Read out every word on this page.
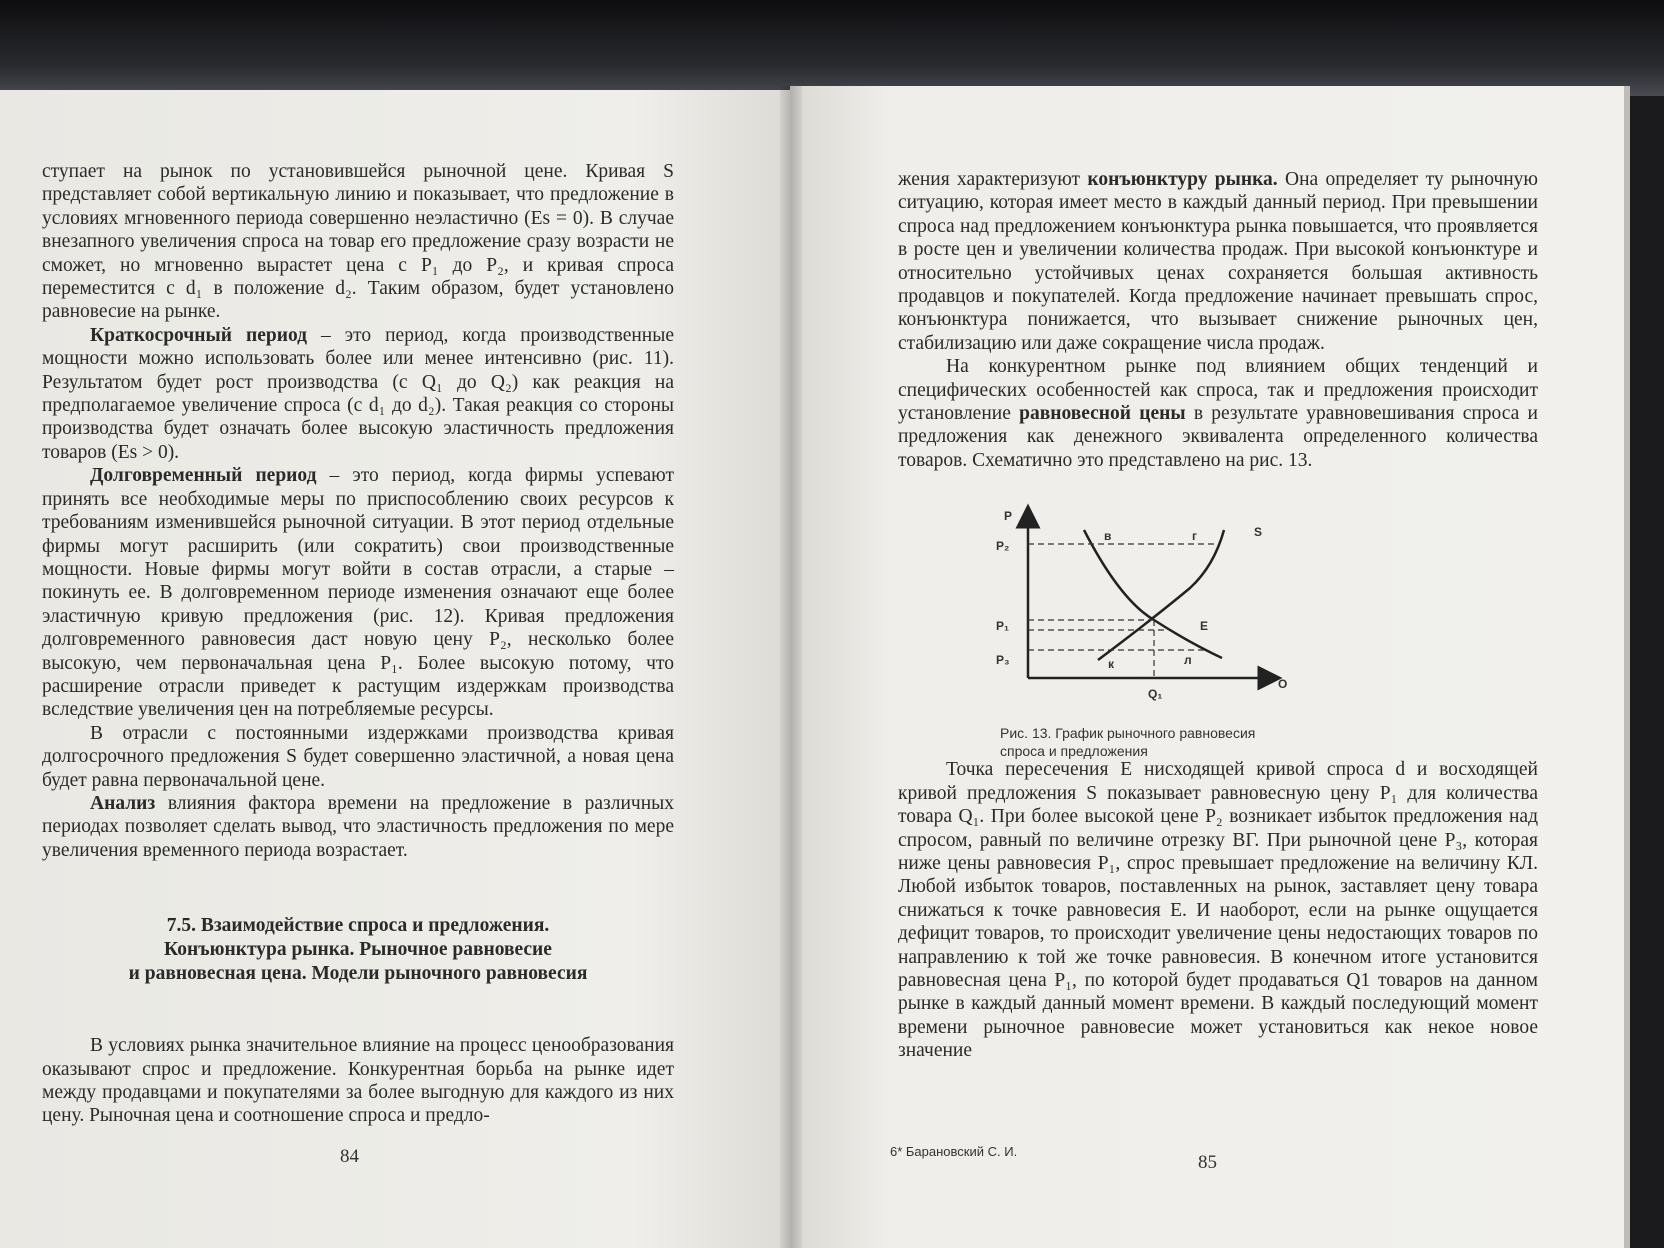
ступает на рынок по установившейся рыночной цене. Кривая S представляет собой вертикальную линию и показывает, что предложение в условиях мгновенного периода совершенно неэластично (Es = 0). В случае внезапного увеличения спроса на товар его предложение сразу возрасти не сможет, но мгновенно вырастет цена с P₁ до P₂, и кривая спроса переместится с d₁ в положение d₂. Таким образом, будет установлено равновесие на рынке.

Краткосрочный период – это период, когда производственные мощности можно использовать более или менее интенсивно (рис. 11). Результатом будет рост производства (с Q₁ до Q₂) как реакция на предполагаемое увеличение спроса (с d₁ до d₂). Такая реакция со стороны производства будет означать более высокую эластичность предложения товаров (Es > 0).

Долговременный период – это период, когда фирмы успевают принять все необходимые меры по приспособлению своих ресурсов к требованиям изменившейся рыночной ситуации. В этот период отдельные фирмы могут расширить (или сократить) свои производственные мощности. Новые фирмы могут войти в состав отрасли, а старые – покинуть ее. В долговременном периоде изменения означают еще более эластичную кривую предложения (рис. 12). Кривая предложения долговременного равновесия даст новую цену P₂, несколько более высокую, чем первоначальная цена P₁. Более высокую потому, что расширение отрасли приведет к растущим издержкам производства вследствие увеличения цен на потребляемые ресурсы.

В отрасли с постоянными издержками производства кривая долгосрочного предложения S будет совершенно эластичной, а новая цена будет равна первоначальной цене.

Анализ влияния фактора времени на предложение в различных периодах позволяет сделать вывод, что эластичность предложения по мере увеличения временного периода возрастает.

7.5. Взаимодействие спроса и предложения.
Конъюнктура рынка. Рыночное равновесие
и равновесная цена. Модели рыночного равновесия

В условиях рынка значительное влияние на процесс ценообразования оказывают спрос и предложение. Конкурентная борьба на рынке идет между продавцами и покупателями за более выгодную для каждого из них цену. Рыночная цена и соотношение спроса и предло-

84

жения характеризуют конъюнктуру рынка. Она определяет ту рыночную ситуацию, которая имеет место в каждый данный период. При превышении спроса над предложением конъюнктура рынка повышается, что проявляется в росте цен и увеличении количества продаж. При высокой конъюнктуре и относительно устойчивых ценах сохраняется большая активность продавцов и покупателей. Когда предложение начинает превышать спрос, конъюнктура понижается, что вызывает снижение рыночных цен, стабилизацию или даже сокращение числа продаж.

На конкурентном рынке под влиянием общих тенденций и специфических особенностей как спроса, так и предложения происходит установление равновесной цены в результате уравновешивания спроса и предложения как денежного эквивалента определенного количества товаров. Схематично это представлено на рис. 13.

Точка пересечения E нисходящей кривой спроса d и восходящей кривой предложения S показывает равновесную цену P₁ для количества товара Q₁. При более высокой цене P₂ возникает избыток предложения над спросом, равный по величине отрезку ВГ. При рыночной цене P₃, которая ниже цены равновесия P₁, спрос превышает предложение на величину КЛ. Любой избыток товаров, поставленных на рынок, заставляет цену товара снижаться к точке равновесия E. И наоборот, если на рынке ощущается дефицит товаров, то происходит увеличение цены недостающих товаров по направлению к той же точке равновесия. В конечном итоге установится равновесная цена P₁, по которой будет продаваться Q1 товаров на данном рынке в каждый данный момент времени. В каждый последующий момент времени рыночное равновесие может установиться как некое новое значение

P
O
P₂
P₁
P₃
Q₁
S
E
в	г
к	л
Рис. 13. График рыночного равновесия спроса и предложения
6* Барановский С. И.
85
